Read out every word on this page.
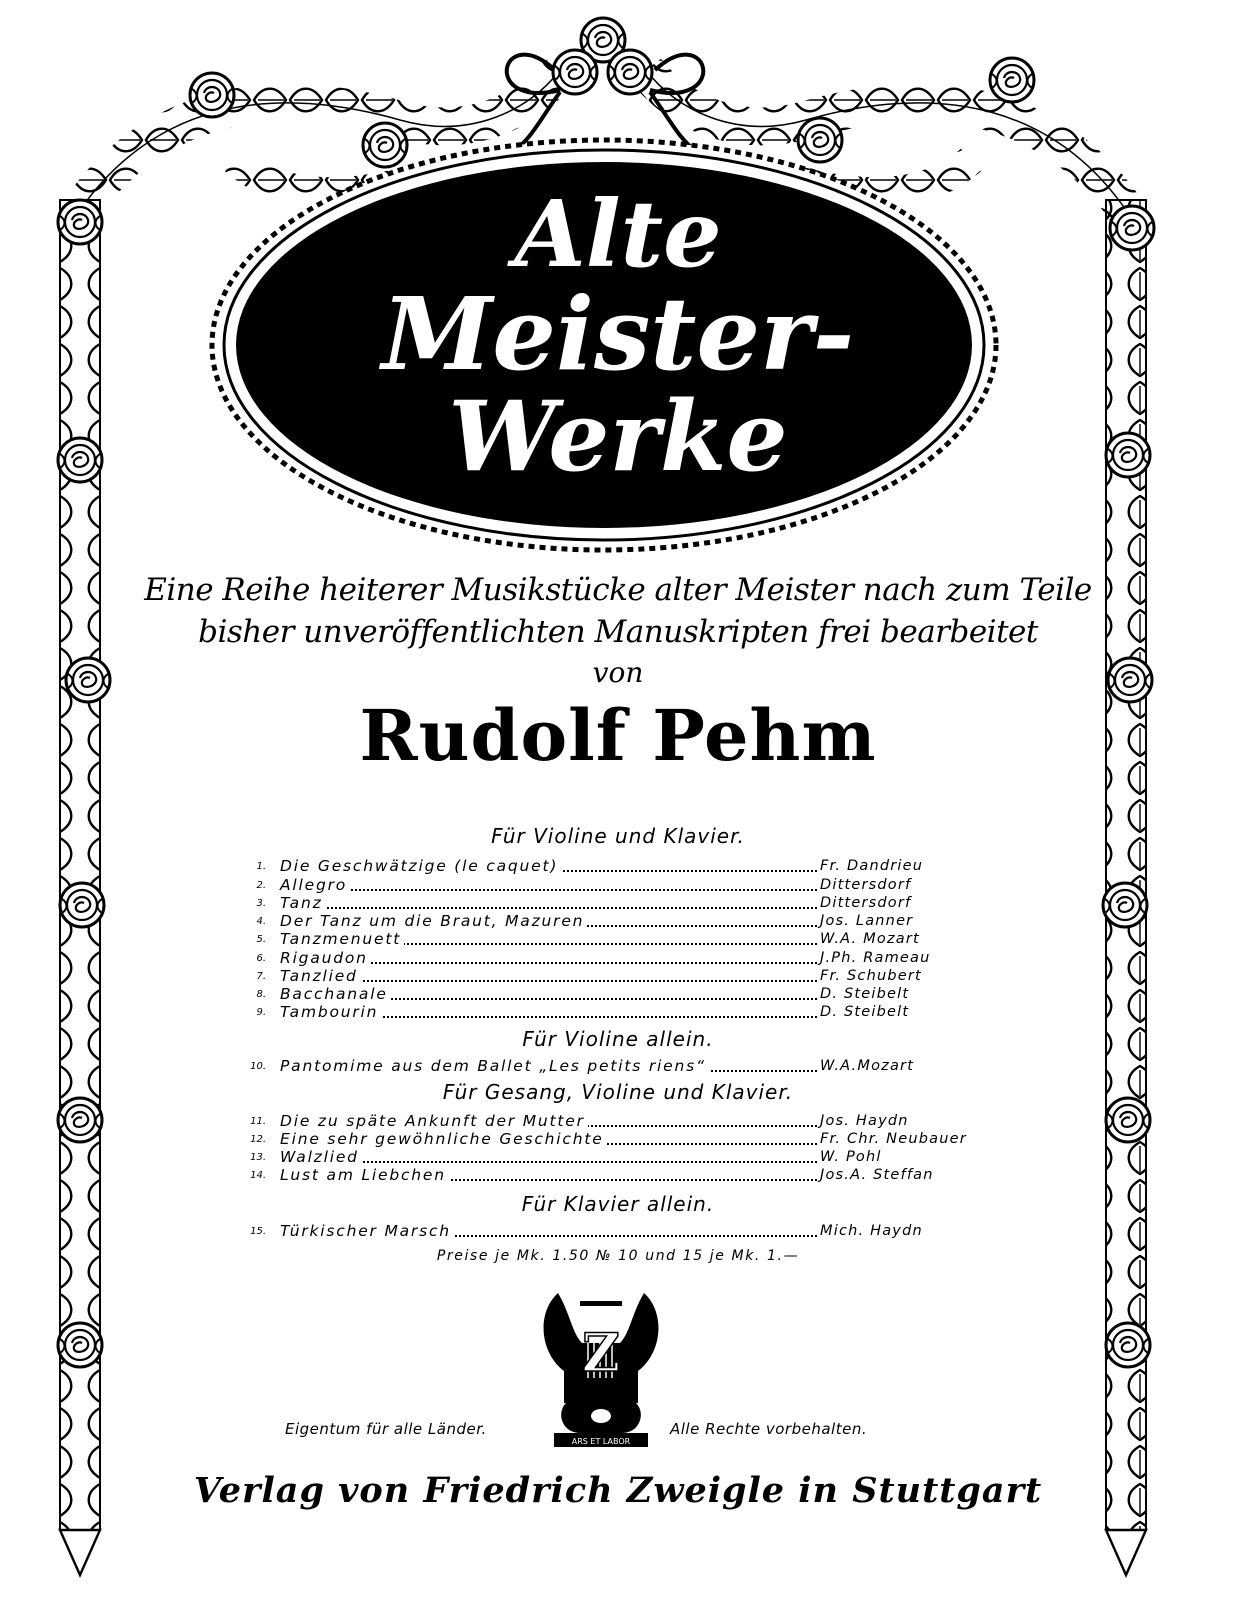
Alte
Meister-
Werke
Eine Reihe heiterer Musikstücke alter Meister nach zum Teile
bisher unveröffentlichten Manuskripten frei bearbeitet
von
Rudolf Pehm
Für Violine und Klavier.
1. Die Geschwätzige (le caquet)	Fr. Dandrieu
2. Allegro	Dittersdorf
3. Tanz	Dittersdorf
4. Der Tanz um die Braut, Mazuren	Jos. Lanner
5. Tanzmenuett	W.A. Mozart
6. Rigaudon	J.Ph. Rameau
7. Tanzlied	Fr. Schubert
8. Bacchanale	D. Steibelt
9. Tambourin	D. Steibelt
Für Violine allein.
10. Pantomime aus dem Ballet „Les petits riens“	W.A.Mozart
Für Gesang, Violine und Klavier.
11. Die zu späte Ankunft der Mutter	Jos. Haydn
12. Eine sehr gewöhnliche Geschichte	Fr. Chr. Neubauer
13. Walzlied	W. Pohl
14. Lust am Liebchen	Jos.A. Steffan
Für Klavier allein.
15. Türkischer Marsch	Mich. Haydn
Preise je Mk. 1.50 № 10 und 15 je Mk. 1.—
Z
ARS ET LABOR
Eigentum für alle Länder.	Alle Rechte vorbehalten.
Verlag von Friedrich Zweigle in Stuttgart
